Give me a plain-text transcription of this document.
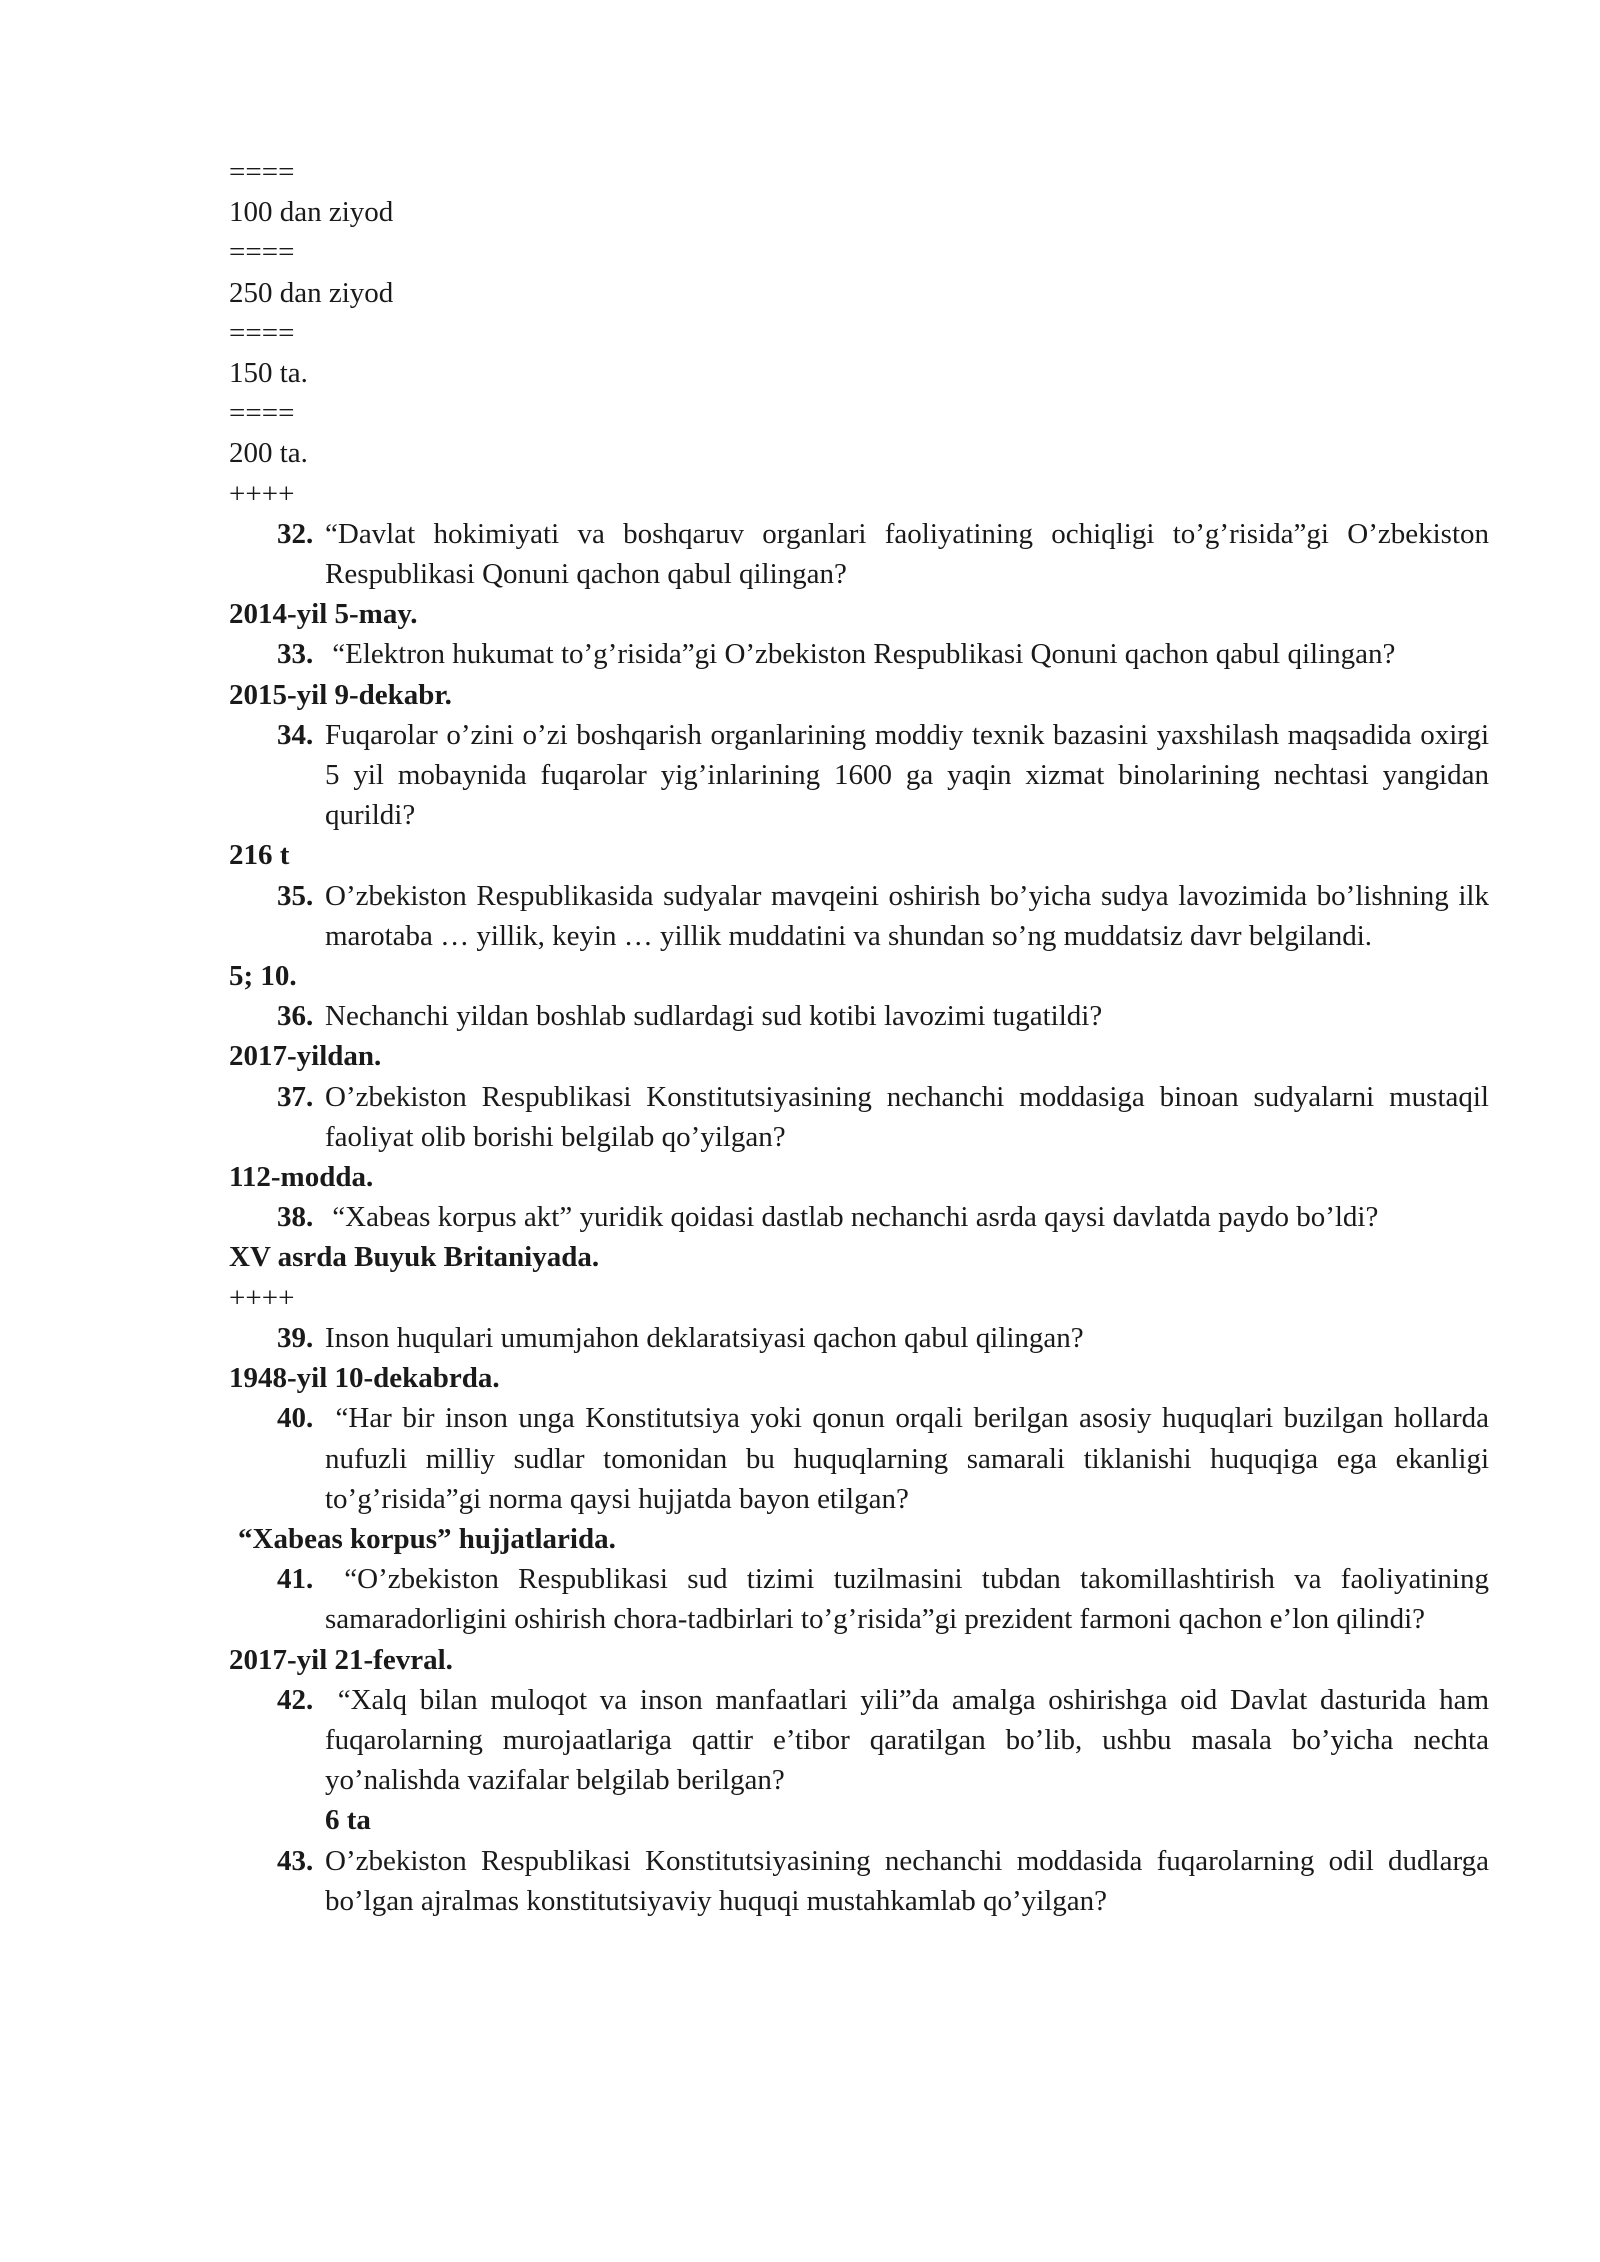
====
100 dan ziyod
====
250 dan ziyod
====
150 ta.
====
200 ta.
++++
32. “Davlat hokimiyati va boshqaruv organlari faoliyatining ochiqligi to’g’risida”gi O’zbekiston Respublikasi Qonuni qachon qabul qilingan?
2014-yil 5-may.
33. “Elektron hukumat to’g’risida”gi O’zbekiston Respublikasi Qonuni qachon qabul qilingan?
2015-yil 9-dekabr.
34. Fuqarolar o’zini o’zi boshqarish organlarining moddiy texnik bazasini yaxshilash maqsadida oxirgi 5 yil mobaynida fuqarolar yig’inlarining 1600 ga yaqin xizmat binolarining nechtasi yangidan qurildi?
216 t
35. O’zbekiston Respublikasida sudyalar mavqeini oshirish bo’yicha sudya lavozimida bo’lishning ilk marotaba … yillik, keyin … yillik muddatini va shundan so’ng muddatsiz davr belgilandi.
5; 10.
36. Nechanchi yildan boshlab sudlardagi sud kotibi lavozimi tugatildi?
2017-yildan.
37. O’zbekiston Respublikasi Konstitutsiyasining nechanchi moddasiga binoan sudyalarni mustaqil faoliyat olib borishi belgilab qo’yilgan?
112-modda.
38. “Xabeas korpus akt” yuridik qoidasi dastlab nechanchi asrda qaysi davlatda paydo bo’ldi?
XV asrda Buyuk Britaniyada.
++++
39. Inson huqulari umumjahon deklaratsiyasi qachon qabul qilingan?
1948-yil 10-dekabrda.
40. “Har bir inson unga Konstitutsiya yoki qonun orqali berilgan asosiy huquqlari buzilgan hollarda nufuzli milliy sudlar tomonidan bu huquqlarning samarali tiklanishi huquqiga ega ekanligi to’g’risida”gi norma qaysi hujjatda bayon etilgan?
“Xabeas korpus” hujjatlarida.
41. “O’zbekiston Respublikasi sud tizimi tuzilmasini tubdan takomillashtirish va faoliyatining samaradorligini oshirish chora-tadbirlari to’g’risida”gi prezident farmoni qachon e’lon qilindi?
2017-yil 21-fevral.
42. “Xalq bilan muloqot va inson manfaatlari yili”da amalga oshirishga oid Davlat dasturida ham fuqarolarning murojaatlariga qattir e’tibor qaratilgan bo’lib, ushbu masala bo’yicha nechta yo’nalishda vazifalar belgilab berilgan?
6 ta
43. O’zbekiston Respublikasi Konstitutsiyasining nechanchi moddasida fuqarolarning odil dudlarga bo’lgan ajralmas konstitutsiyaviy huquqi mustahkamlab qo’yilgan?
